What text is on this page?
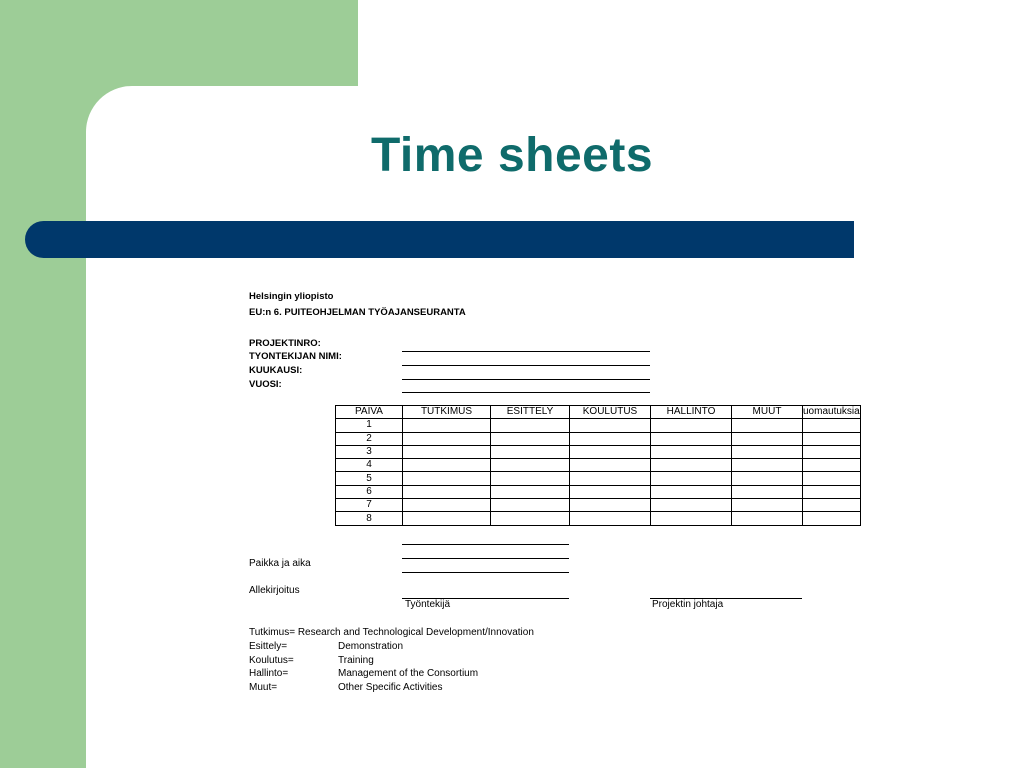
Time sheets
Helsingin yliopisto
EU:n 6. PUITEOHJELMAN TYÖAJANSEURANTA
PROJEKTINRO:
TYONTEKIJAN NIMI:
KUUKAUSI:
VUOSI:
PAIVA	TUTKIMUS	ESITTELY	KOULUTUS	HALLINTO	MUUT	uomautuksia
1						
2						
3						
4						
5						
6						
7						
8						
Paikka ja aika
Allekirjoitus
Työntekijä	Projektin johtaja
Tutkimus= Research and Technological Development/Innovation
Esittely=	Demonstration
Koulutus=	Training
Hallinto=	Management of the Consortium
Muut=	Other Specific Activities
